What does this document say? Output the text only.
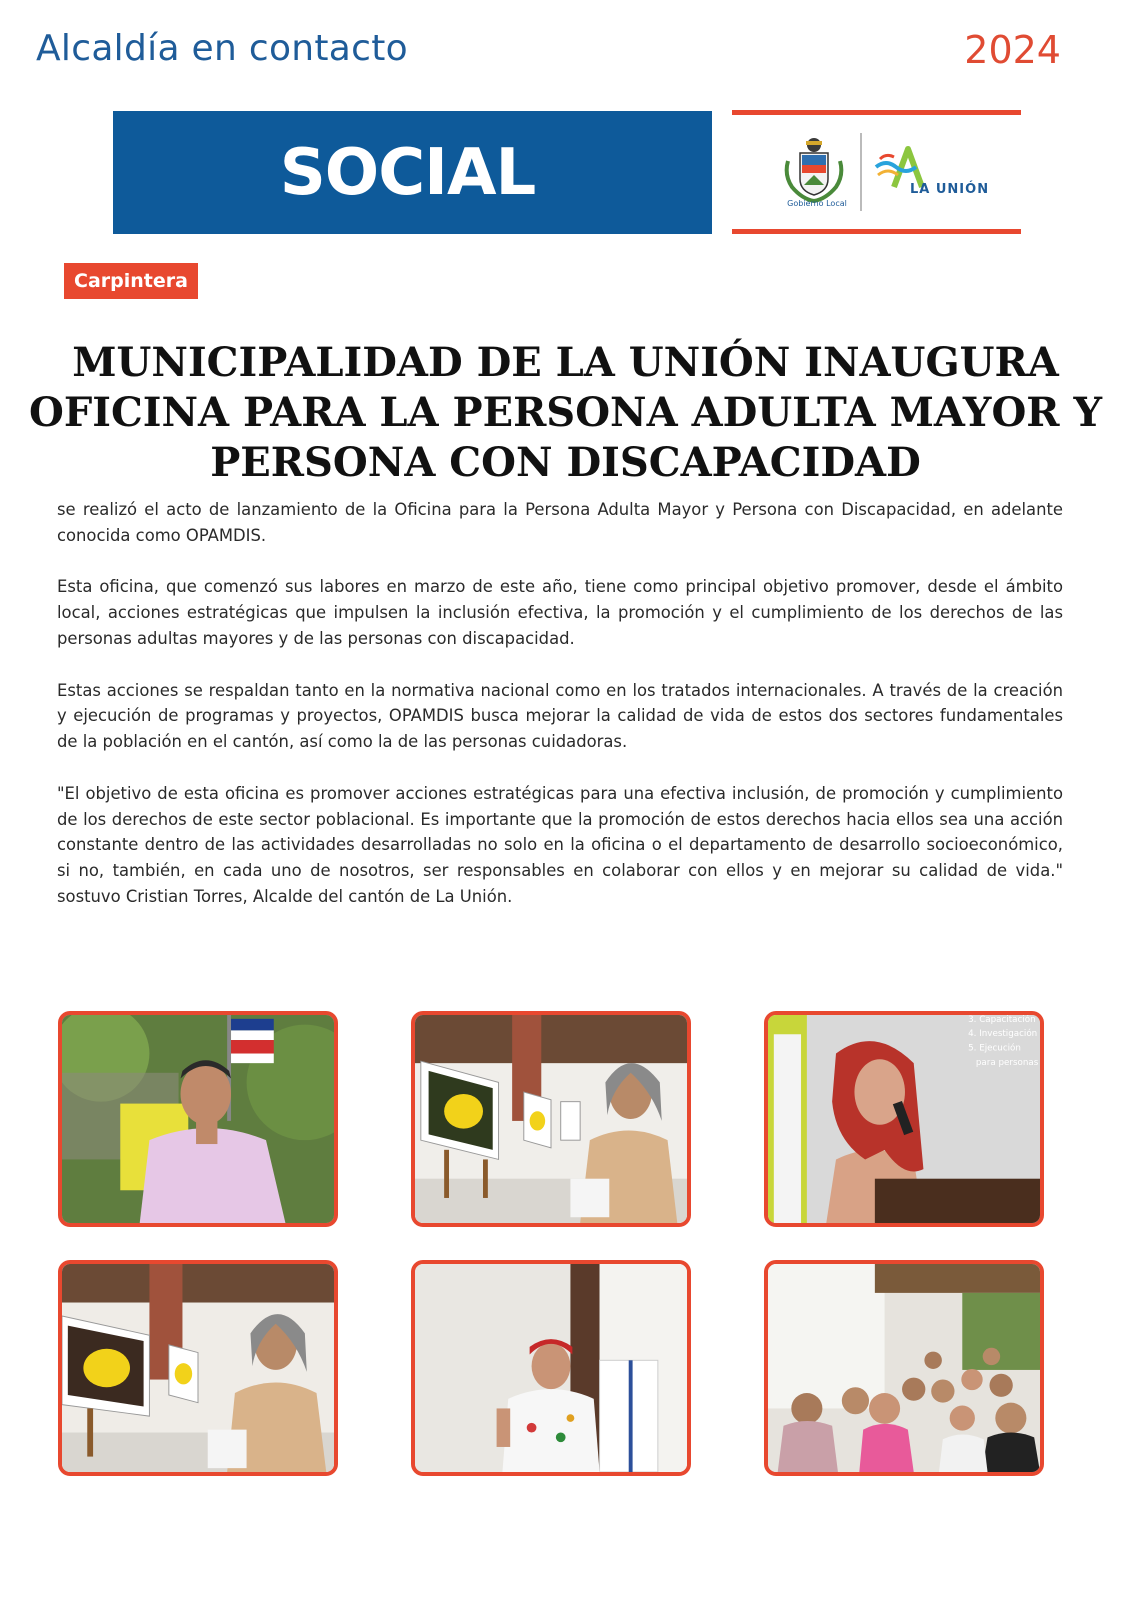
Alcaldía en contacto	2024
SOCIAL	Gobierno Local
LA UNIÓN
Carpintera
MUNICIPALIDAD DE LA UNIÓN INAUGURA OFICINA PARA LA PERSONA ADULTA MAYOR Y PERSONA CON DISCAPACIDAD

se realizó el acto de lanzamiento de la Oficina para la Persona Adulta Mayor y Persona con Discapacidad, en adelante conocida como OPAMDIS.

Esta oficina, que comenzó sus labores en marzo de este año, tiene como principal objetivo promover, desde el ámbito local, acciones estratégicas que impulsen la inclusión efectiva, la promoción y el cumplimiento de los derechos de las personas adultas mayores y de las personas con discapacidad.

Estas acciones se respaldan tanto en la normativa nacional como en los tratados internacionales. A través de la creación y ejecución de programas y proyectos, OPAMDIS busca mejorar la calidad de vida de estos dos sectores fundamentales de la población en el cantón, así como la de las personas cuidadoras.

"El objetivo de esta oficina es promover acciones estratégicas para una efectiva inclusión, de promoción y cumplimiento de los derechos de este sector poblacional. Es importante que la promoción de estos derechos hacia ellos sea una acción constante dentro de las actividades desarrolladas no solo en la oficina o el departamento de desarrollo socioeconómico, si no, también, en cada uno de nosotros, ser responsables en colaborar con ellos y en mejorar su calidad de vida." sostuvo Cristian Torres, Alcalde del cantón de La Unión.

3. Capacitación
4. Investigación
5. Ejecución
para personas
